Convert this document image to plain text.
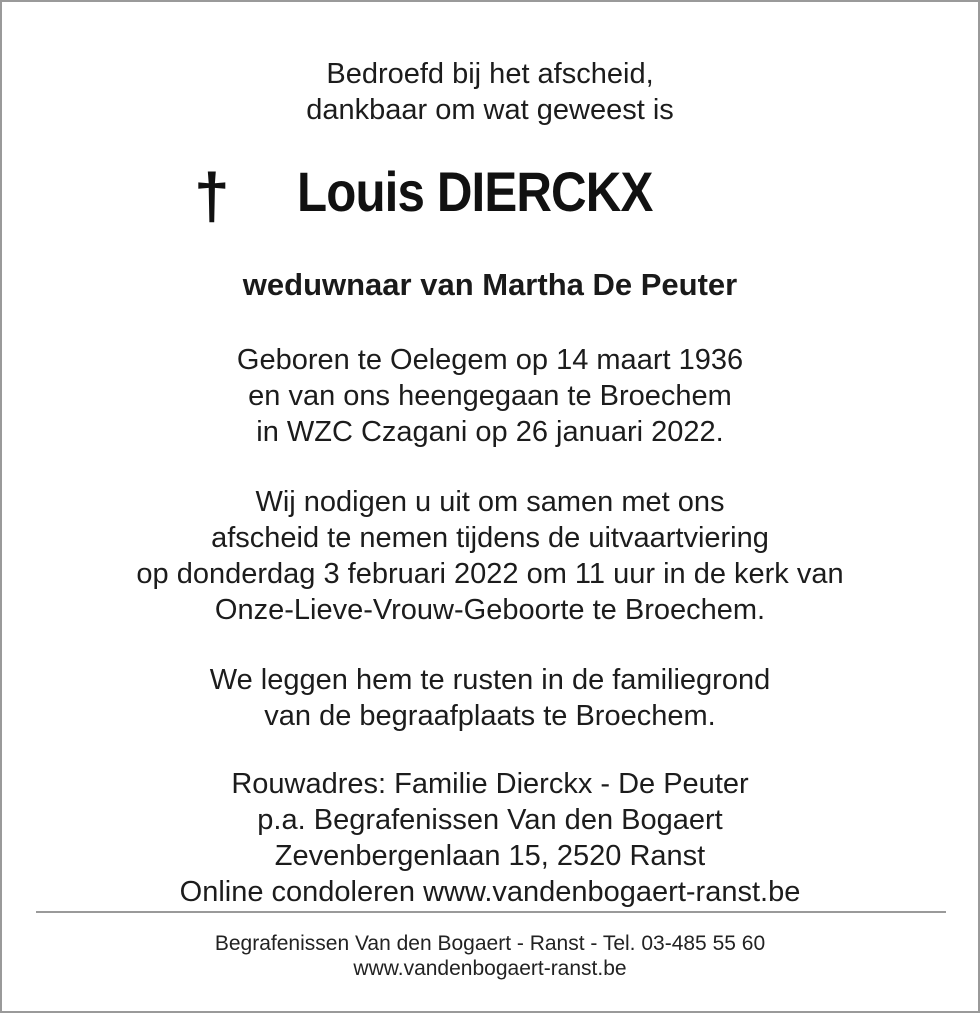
Bedroefd bij het afscheid,
dankbaar om wat geweest is
† Louis DIERCKX
weduwnaar van Martha De Peuter
Geboren te Oelegem op 14 maart 1936
en van ons heengegaan te Broechem
in WZC Czagani op 26 januari 2022.
Wij nodigen u uit om samen met ons
afscheid te nemen tijdens de uitvaartviering
op donderdag 3 februari 2022 om 11 uur in de kerk van
Onze-Lieve-Vrouw-Geboorte te Broechem.
We leggen hem te rusten in de familiegrond
van de begraafplaats te Broechem.
Rouwadres: Familie Dierckx - De Peuter
p.a. Begrafenissen Van den Bogaert
Zevenbergenlaan 15, 2520 Ranst
Online condoleren www.vandenbogaert-ranst.be
Begrafenissen Van den Bogaert - Ranst - Tel. 03-485 55 60
www.vandenbogaert-ranst.be
